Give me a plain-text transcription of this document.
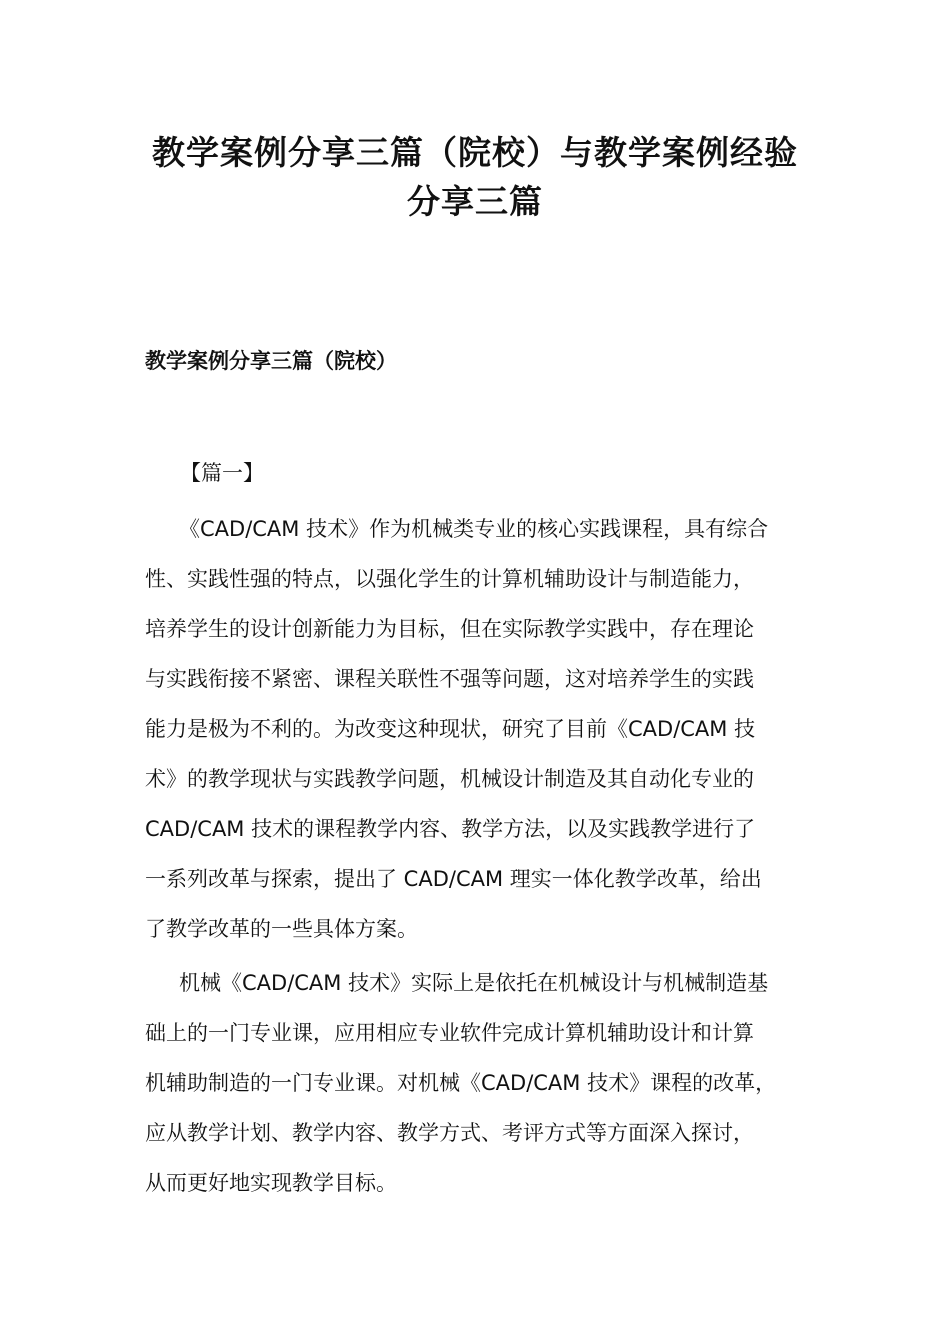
教学案例分享三篇（院校）与教学案例经验
分享三篇
教学案例分享三篇（院校）
【篇一】
《CAD/CAM 技术》作为机械类专业的核心实践课程，具有综合
性、实践性强的特点，以强化学生的计算机辅助设计与制造能力，
培养学生的设计创新能力为目标，但在实际教学实践中，存在理论
与实践衔接不紧密、课程关联性不强等问题，这对培养学生的实践
能力是极为不利的。为改变这种现状，研究了目前《CAD/CAM 技
术》的教学现状与实践教学问题，机械设计制造及其自动化专业的
CAD/CAM 技术的课程教学内容、教学方法，以及实践教学进行了
一系列改革与探索，提出了 CAD/CAM 理实一体化教学改革，给出
了教学改革的一些具体方案。
机械《CAD/CAM 技术》实际上是依托在机械设计与机械制造基
础上的一门专业课，应用相应专业软件完成计算机辅助设计和计算
机辅助制造的一门专业课。对机械《CAD/CAM 技术》课程的改革，
应从教学计划、教学内容、教学方式、考评方式等方面深入探讨，
从而更好地实现教学目标。
